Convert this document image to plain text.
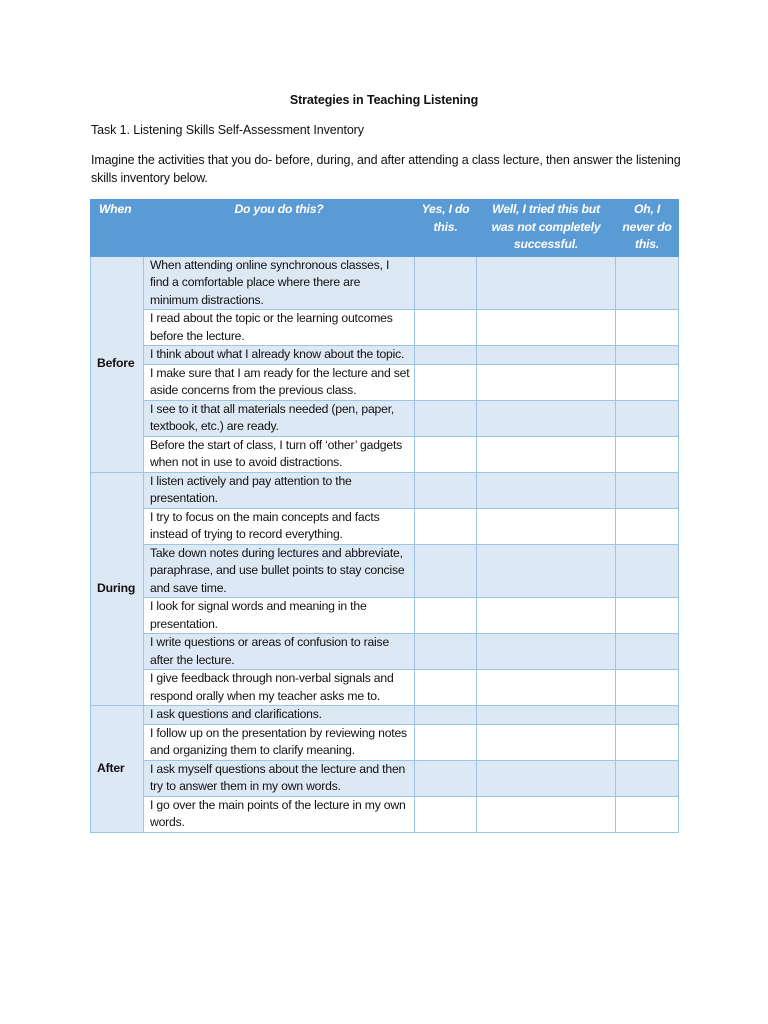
Strategies in Teaching Listening
Task 1. Listening Skills Self-Assessment Inventory
Imagine the activities that you do- before, during, and after attending a class lecture, then answer the listening skills inventory below.
When	Do you do this?	Yes, I do this.	Well, I tried this but was not completely successful.	Oh, I never do this.
Before	When attending online synchronous classes, I find a comfortable place where there are minimum distractions.			
	I read about the topic or the learning outcomes before the lecture.			
	I think about what I already know about the topic.			
	I make sure that I am ready for the lecture and set aside concerns from the previous class.			
	I see to it that all materials needed (pen, paper, textbook, etc.) are ready.			
	Before the start of class, I turn off ‘other’ gadgets when not in use to avoid distractions.			
During	I listen actively and pay attention to the presentation.			
	I try to focus on the main concepts and facts instead of trying to record everything.			
	Take down notes during lectures and abbreviate, paraphrase, and use bullet points to stay concise and save time.			
	I look for signal words and meaning in the presentation.			
	I write questions or areas of confusion to raise after the lecture.			
	I give feedback through non-verbal signals and respond orally when my teacher asks me to.			
After	I ask questions and clarifications.			
	I follow up on the presentation by reviewing notes and organizing them to clarify meaning.			
	I ask myself questions about the lecture and then try to answer them in my own words.			
	I go over the main points of the lecture in my own words.			
